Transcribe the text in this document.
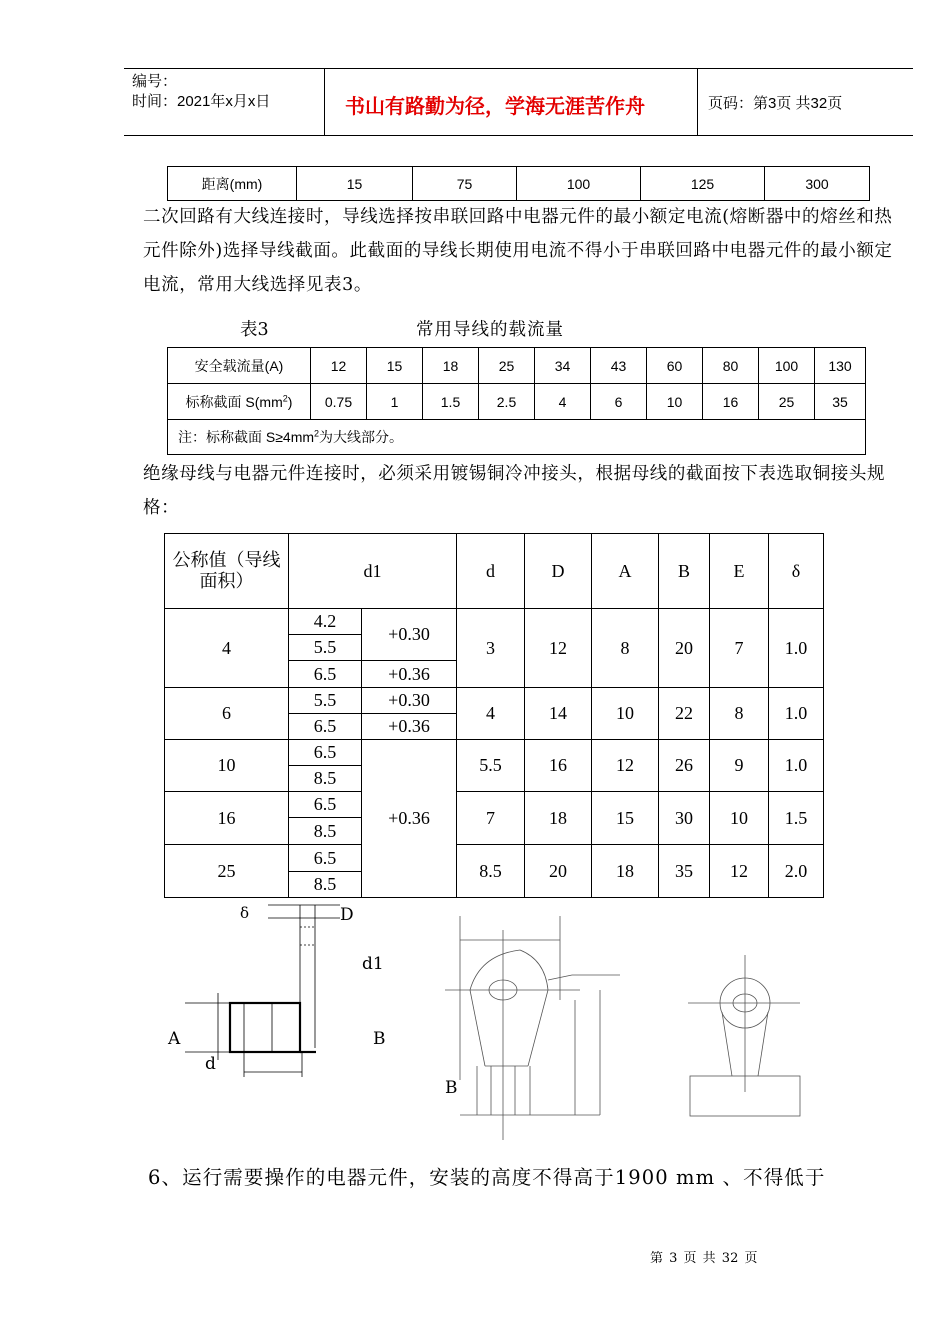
编号：
时间：2021年x月x日	书山有路勤为径，学海无涯苦作舟	页码：第3页 共32页
距离(mm)	15	75	100	125	300
二次回路有大线连接时，导线选择按串联回路中电器元件的最小额定电流(熔断器中的熔丝和热元件除外)选择导线截面。此截面的导线长期使用电流不得小于串联回路中电器元件的最小额定电流，常用大线选择见表3。
表3	常用导线的载流量
安全载流量(A)	12	15	18	25	34	43	60	80	100	130
标称截面 $S(mm^2)$	0.75	1	1.5	2.5	4	6	10	16	25	35
注：标称截面 $S\ge 4mm^2$为大线部分。										
绝缘母线与电器元件连接时，必须采用镀锡铜冷冲接头，根据母线的截面按下表选取铜接头规格：
公称值（导线面积）	d1		d	D	A	B	E	δ
4	4.2	+0.30	3	12	8	20	7	1.0
	5.5							
	6.5	+0.36						
6	5.5	+0.30	4	14	10	22	8	1.0
	6.5	+0.36						
10	6.5	+0.36	5.5	16	12	26	9	1.0
	8.5							
16	6.5		7	18	15	30	10	1.5
	8.5							
25	6.5		8.5	20	18	35	12	2.0
	8.5							
δ	D
d1
A	B
d
B
6、运行需要操作的电器元件，安装的高度不得高于1900 mm 、不得低于
第 3 页 共 32 页
